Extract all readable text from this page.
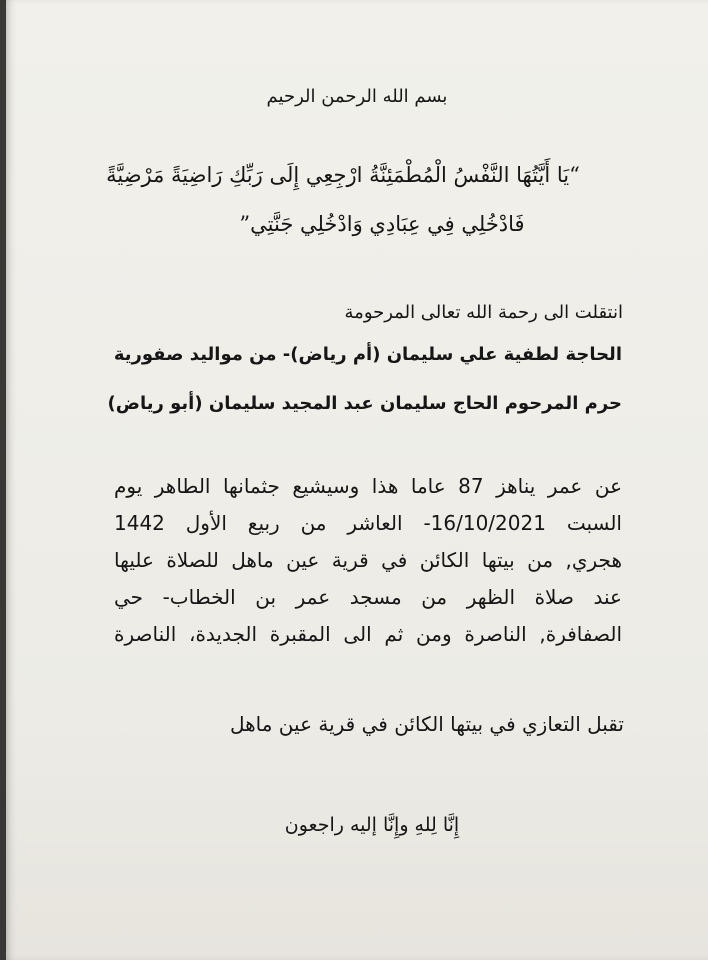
بسم الله الرحمن الرحيم

“يَا أَيَّتُهَا النَّفْسُ الْمُطْمَئِنَّةُ ارْجِعِي إِلَى رَبِّكِ رَاضِيَةً مَرْضِيَّةً

فَادْخُلِي فِي عِبَادِي وَادْخُلِي جَنَّتِي”

انتقلت الى رحمة الله تعالى المرحومة

الحاجة لطفية علي سليمان (أم رياض)- من مواليد صفورية

حرم المرحوم الحاج سليمان عبد المجيد سليمان (أبو رياض)

عن عمر يناهز 87 عاما هذا وسيشيع جثمانها الطاهر يوم

السبت 16/10/2021- العاشر من ربيع الأول 1442

هجري, من بيتها الكائن في قرية عين ماهل للصلاة عليها

عند صلاة الظهر من مسجد عمر بن الخطاب- حي

الصفافرة, الناصرة ومن ثم الى المقبرة الجديدة، الناصرة

تقبل التعازي في بيتها الكائن في قرية عين ماهل

إِنَّا لِلهِ وإِنَّا إليه راجعون
